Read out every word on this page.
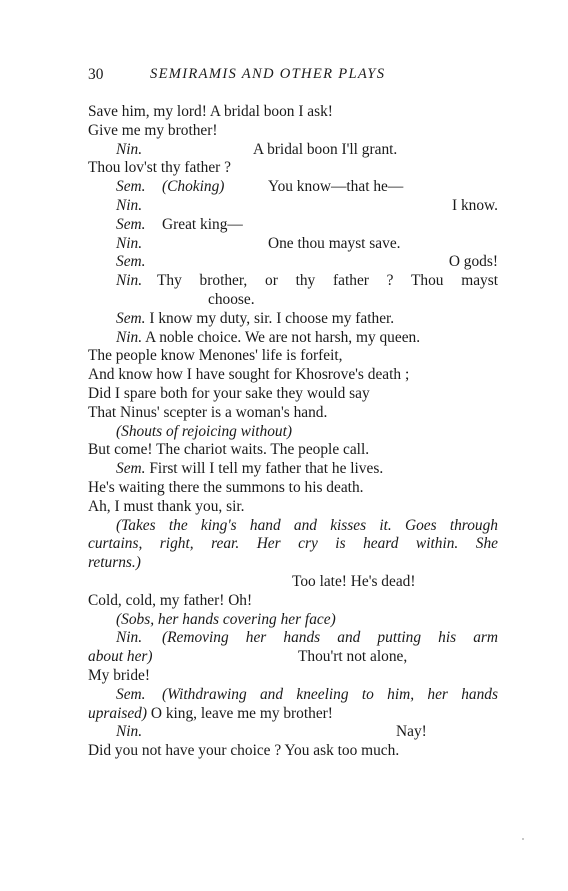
30	SEMIRAMIS AND OTHER PLAYS
Save him, my lord! A bridal boon I ask!
Give me my brother!
Nin.	A bridal boon I'll grant.
Thou lov'st thy father ?
Sem. (Choking)	You know—that he—
Nin.	I know.
Sem. Great king—
Nin.	One thou mayst save.
Sem.	O gods!
Nin. Thy brother, or thy father ? Thou mayst
choose.
Sem. I know my duty, sir. I choose my father.
Nin. A noble choice. We are not harsh, my queen.
The people know Menones' life is forfeit,
And know how I have sought for Khosrove's death ;
Did I spare both for your sake they would say
That Ninus' scepter is a woman's hand.
(Shouts of rejoicing without)
But come! The chariot waits. The people call.
Sem. First will I tell my father that he lives.
He's waiting there the summons to his death.
Ah, I must thank you, sir.
(Takes the king's hand and kisses it. Goes through
curtains, right, rear. Her cry is heard within. She
returns.)
Too late! He's dead!
Cold, cold, my father! Oh!
(Sobs, her hands covering her face)
Nin. (Removing her hands and putting his arm
about her)	Thou'rt not alone,
My bride!
Sem. (Withdrawing and kneeling to him, her hands
upraised) O king, leave me my brother!
Nin.	Nay!
Did you not have your choice ? You ask too much.
